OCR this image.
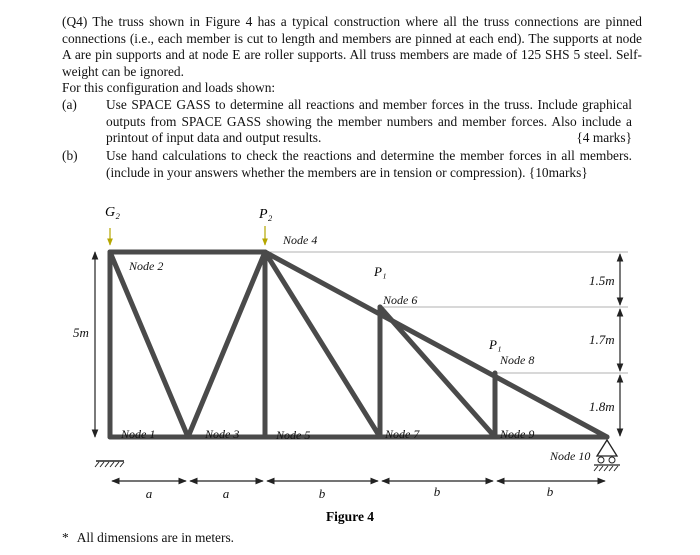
(Q4) The truss shown in Figure 4 has a typical construction where all the truss connections are pinned connections (i.e., each member is cut to length and members are pinned at each end). The supports at node A are pin supports and at node E are roller supports. All truss members are made of 125 SHS 5 steel. Self-weight can be ignored.

For this configuration and loads shown:

(a) Use SPACE GASS to determine all reactions and member forces in the truss. Include graphical outputs from SPACE GASS showing the member numbers and member forces. Also include a printout of input data and output results.	{4 marks}
(b) Use hand calculations to check the reactions and determine the member forces in all members. (include in your answers whether the members are in tension or compression). {10marks}
G₂	P₂
P₁
P₁
Node 2
Node 4
Node 6
Node 8
Node 1	Node 3	Node 5	Node 7	Node 9
Node 10
5m
1.5m
1.7m
1.8m
a	a	b	b	b
Figure 4
* All dimensions are in meters.
